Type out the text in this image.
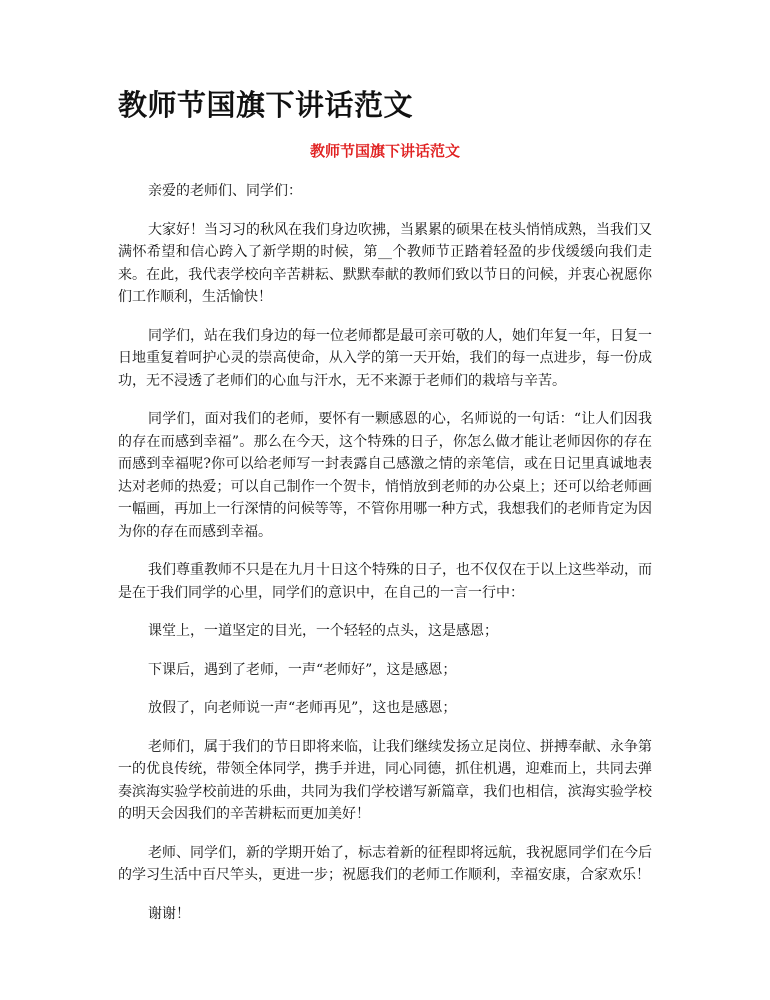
教师节国旗下讲话范文
教师节国旗下讲话范文

亲爱的老师们、同学们：

大家好！当习习的秋风在我们身边吹拂，当累累的硕果在枝头悄悄成熟，当我们又满怀希望和信心跨入了新学期的时候，第__个教师节正踏着轻盈的步伐缓缓向我们走来。在此，我代表学校向辛苦耕耘、默默奉献的教师们致以节日的问候，并衷心祝愿你们工作顺利，生活愉快！

同学们，站在我们身边的每一位老师都是最可亲可敬的人，她们年复一年，日复一日地重复着呵护心灵的崇高使命，从入学的第一天开始，我们的每一点进步，每一份成功，无不浸透了老师们的心血与汗水，无不来源于老师们的栽培与辛苦。

同学们，面对我们的老师，要怀有一颗感恩的心，名师说的一句话：“让人们因我的存在而感到幸福”。那么在今天，这个特殊的日子，你怎么做才能让老师因你的存在而感到幸福呢?你可以给老师写一封表露自己感激之情的亲笔信，或在日记里真诚地表达对老师的热爱；可以自己制作一个贺卡，悄悄放到老师的办公桌上；还可以给老师画一幅画，再加上一行深情的问候等等，不管你用哪一种方式，我想我们的老师肯定为因为你的存在而感到幸福。

我们尊重教师不只是在九月十日这个特殊的日子，也不仅仅在于以上这些举动，而是在于我们同学的心里，同学们的意识中，在自己的一言一行中：

课堂上，一道坚定的目光，一个轻轻的点头，这是感恩；

下课后，遇到了老师，一声“老师好”，这是感恩；

放假了，向老师说一声“老师再见”，这也是感恩；

老师们，属于我们的节日即将来临，让我们继续发扬立足岗位、拼搏奉献、永争第一的优良传统，带领全体同学，携手并进，同心同德，抓住机遇，迎难而上，共同去弹奏滨海实验学校前进的乐曲，共同为我们学校谱写新篇章，我们也相信，滨海实验学校的明天会因我们的辛苦耕耘而更加美好！

老师、同学们，新的学期开始了，标志着新的征程即将远航，我祝愿同学们在今后的学习生活中百尺竿头，更进一步；祝愿我们的老师工作顺利，幸福安康，合家欢乐！

谢谢！
